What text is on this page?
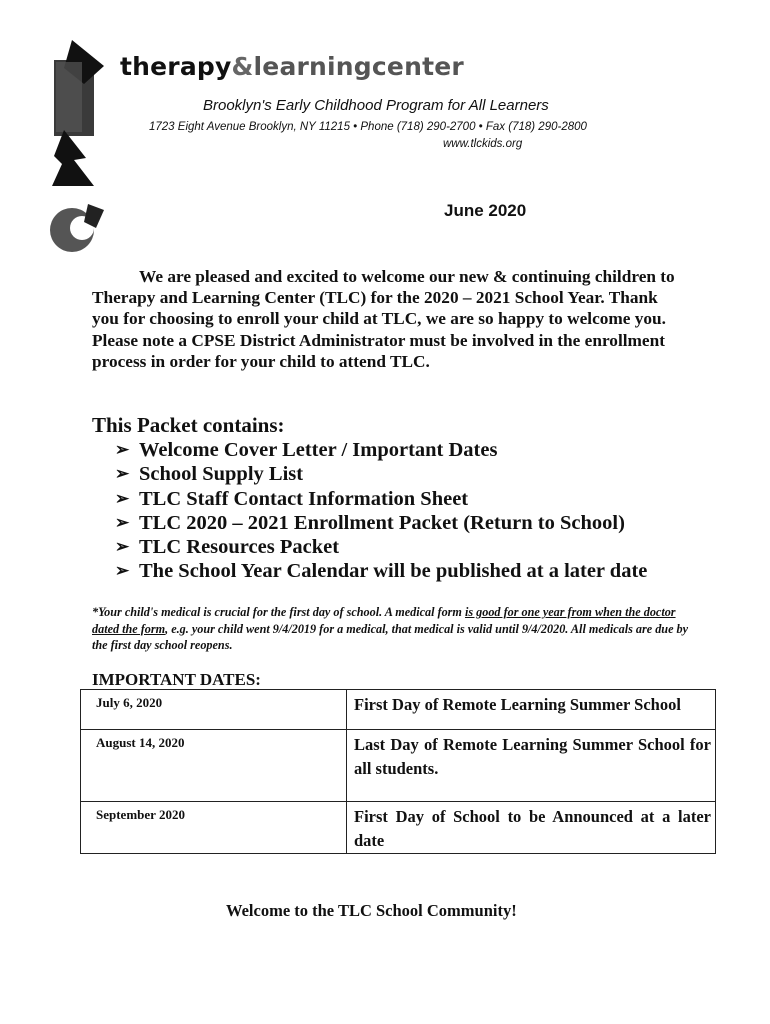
therapy&learningcenter
Brooklyn's Early Childhood Program for All Learners
1723 Eight Avenue Brooklyn, NY 11215 • Phone (718) 290-2700 • Fax (718) 290-2800
www.tlckids.org
June 2020
We are pleased and excited to welcome our new & continuing children to Therapy and Learning Center (TLC) for the 2020 – 2021 School Year. Thank you for choosing to enroll your child at TLC, we are so happy to welcome you. Please note a CPSE District Administrator must be involved in the enrollment process in order for your child to attend TLC.
This Packet contains:
➢ Welcome Cover Letter / Important Dates
➢ School Supply List
➢ TLC Staff Contact Information Sheet
➢ TLC 2020 – 2021 Enrollment Packet (Return to School)
➢ TLC Resources Packet
➢ The School Year Calendar will be published at a later date
*Your child's medical is crucial for the first day of school. A medical form is good for one year from when the doctor dated the form, e.g. your child went 9/4/2019 for a medical, that medical is valid until 9/4/2020. All medicals are due by the first day school reopens.
IMPORTANT DATES:
July 6, 2020	First Day of Remote Learning Summer School
August 14, 2020	Last Day of Remote Learning Summer School for all students.
September 2020	First Day of School to be Announced at a later date
Welcome to the TLC School Community!
